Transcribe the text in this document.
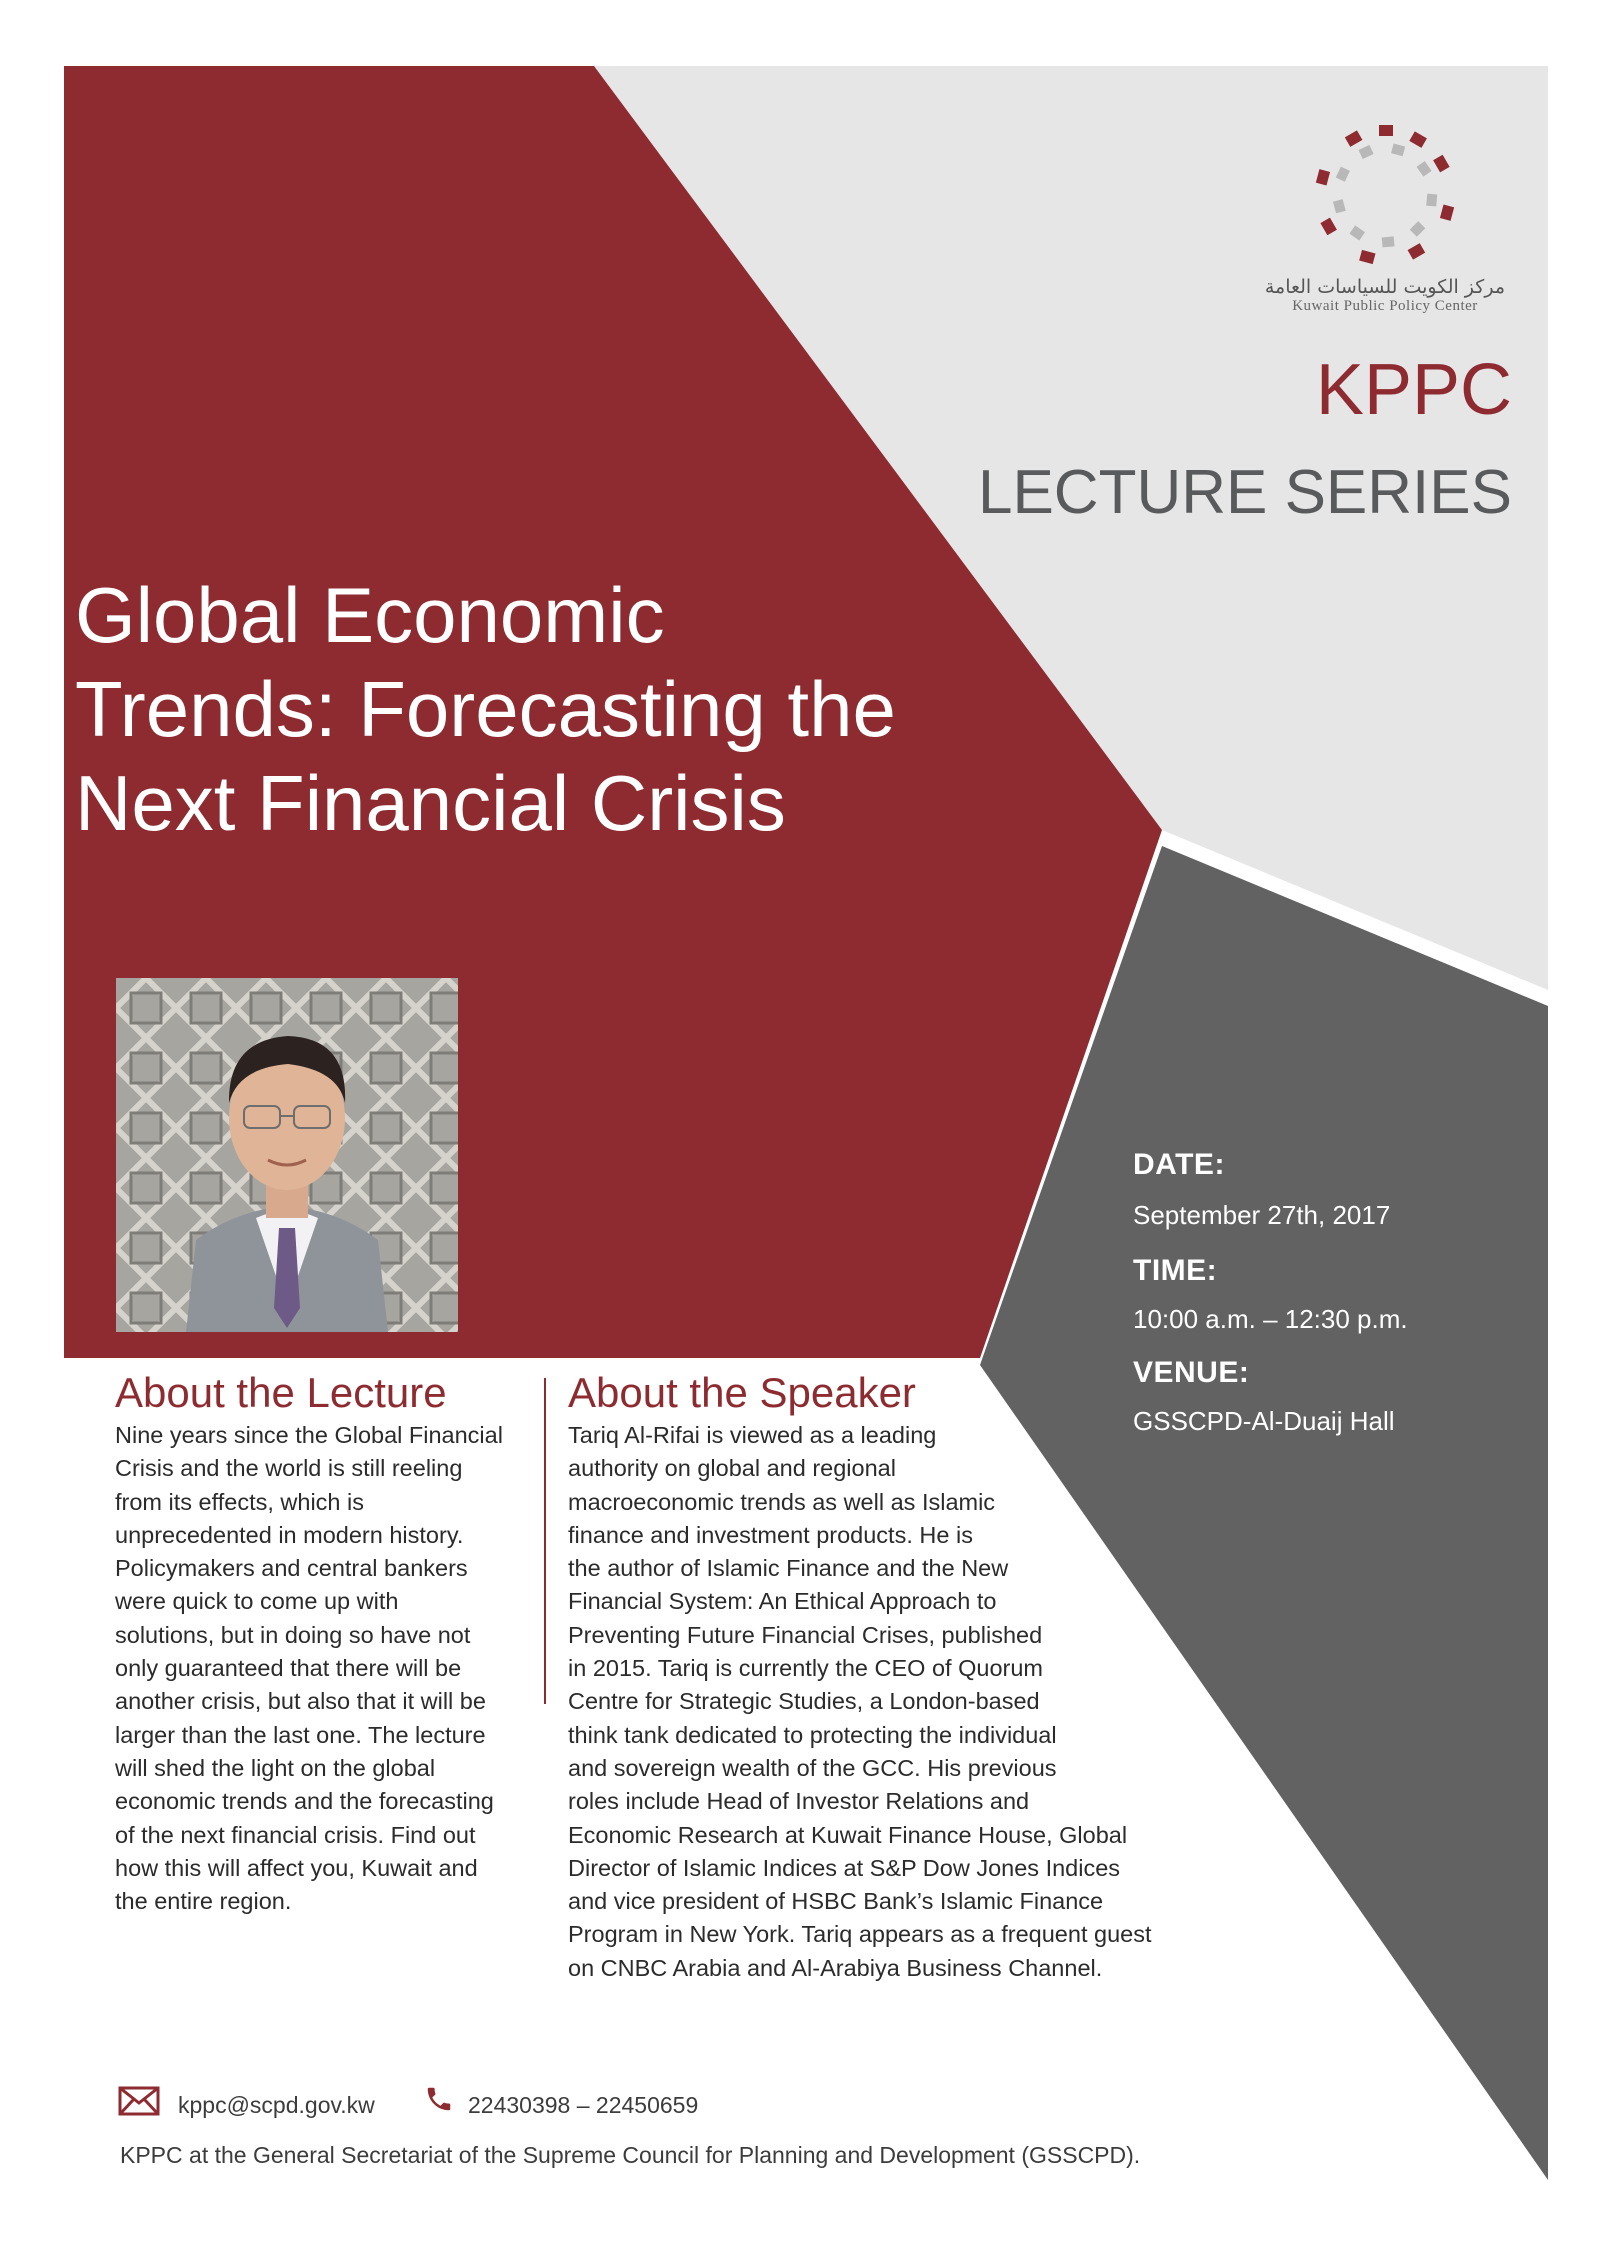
مركز الكويت للسياسات العامة
Kuwait Public Policy Center
KPPC
LECTURE SERIES
Global Economic
Trends: Forecasting the
Next Financial Crisis
DATE:
September 27th, 2017
TIME:
10:00 a.m. – 12:30 p.m.
VENUE:
GSSCPD-Al-Duaij Hall
About the Lecture
Nine years since the Global Financial
Crisis and the world is still reeling
from its effects, which is
unprecedented in modern history.
Policymakers and central bankers
were quick to come up with
solutions, but in doing so have not
only guaranteed that there will be
another crisis, but also that it will be
larger than the last one. The lecture
will shed the light on the global
economic trends and the forecasting
of the next financial crisis. Find out
how this will affect you, Kuwait and
the entire region.
About the Speaker
Tariq Al-Rifai is viewed as a leading
authority on global and regional
macroeconomic trends as well as Islamic
finance and investment products. He is
the author of Islamic Finance and the New
Financial System: An Ethical Approach to
Preventing Future Financial Crises, published
in 2015. Tariq is currently the CEO of Quorum
Centre for Strategic Studies, a London-based
think tank dedicated to protecting the individual
and sovereign wealth of the GCC. His previous
roles include Head of Investor Relations and
Economic Research at Kuwait Finance House, Global
Director of Islamic Indices at S&P Dow Jones Indices
and vice president of HSBC Bank’s Islamic Finance
Program in New York. Tariq appears as a frequent guest
on CNBC Arabia and Al-Arabiya Business Channel.
kppc@scpd.gov.kw	22430398 – 22450659
KPPC at the General Secretariat of the Supreme Council for Planning and Development (GSSCPD).
